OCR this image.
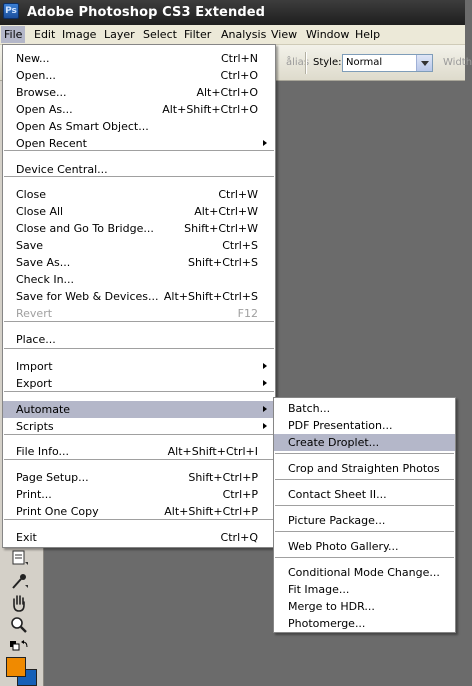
Ps Adobe Photoshop CS3 Extended
File Edit Image Layer Select Filter Analysis View Window Help
ålias Style: Normal	Width
New...	Ctrl+N
Open...	Ctrl+O
Browse...	Alt+Ctrl+O
Open As...	Alt+Shift+Ctrl+O
Open As Smart Object...
Open Recent
Device Central...
Close	Ctrl+W
Close All	Alt+Ctrl+W
Close and Go To Bridge...	Shift+Ctrl+W
Save	Ctrl+S
Save As...	Shift+Ctrl+S
Check In...
Save for Web & Devices... Alt+Shift+Ctrl+S
Revert	F12
Place...
Import
Export
Automate
Scripts
File Info...	Alt+Shift+Ctrl+I
Page Setup...	Shift+Ctrl+P
Print...	Ctrl+P
Print One Copy	Alt+Shift+Ctrl+P
Exit	Ctrl+Q
Batch...
PDF Presentation...
Create Droplet...
Crop and Straighten Photos
Contact Sheet II...
Picture Package...
Web Photo Gallery...
Conditional Mode Change...
Fit Image...
Merge to HDR...
Photomerge...
